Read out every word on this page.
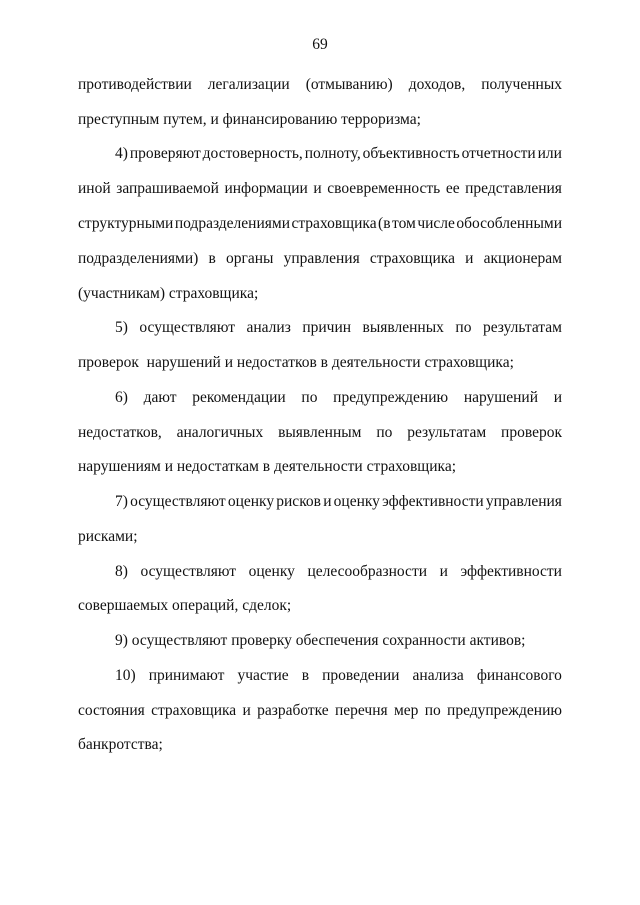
69
противодействии легализации (отмыванию) доходов, полученных
преступным путем, и финансированию терроризма;
4) проверяют достоверность, полноту, объективность отчетности или
иной запрашиваемой информации и своевременность ее представления
структурными подразделениями страховщика (в том числе обособленными
подразделениями) в органы управления страховщика и акционерам
(участникам) страховщика;
5) осуществляют анализ причин выявленных по результатам
проверок  нарушений и недостатков в деятельности страховщика;
6) дают рекомендации по предупреждению нарушений и
недостатков, аналогичных выявленным по результатам проверок
нарушениям и недостаткам в деятельности страховщика;
7) осуществляют оценку рисков и оценку эффективности управления
рисками;
8) осуществляют оценку целесообразности и эффективности
совершаемых операций, сделок;
9) осуществляют проверку обеспечения сохранности активов;
10) принимают участие в проведении анализа финансового
состояния страховщика и разработке перечня мер по предупреждению
банкротства;
